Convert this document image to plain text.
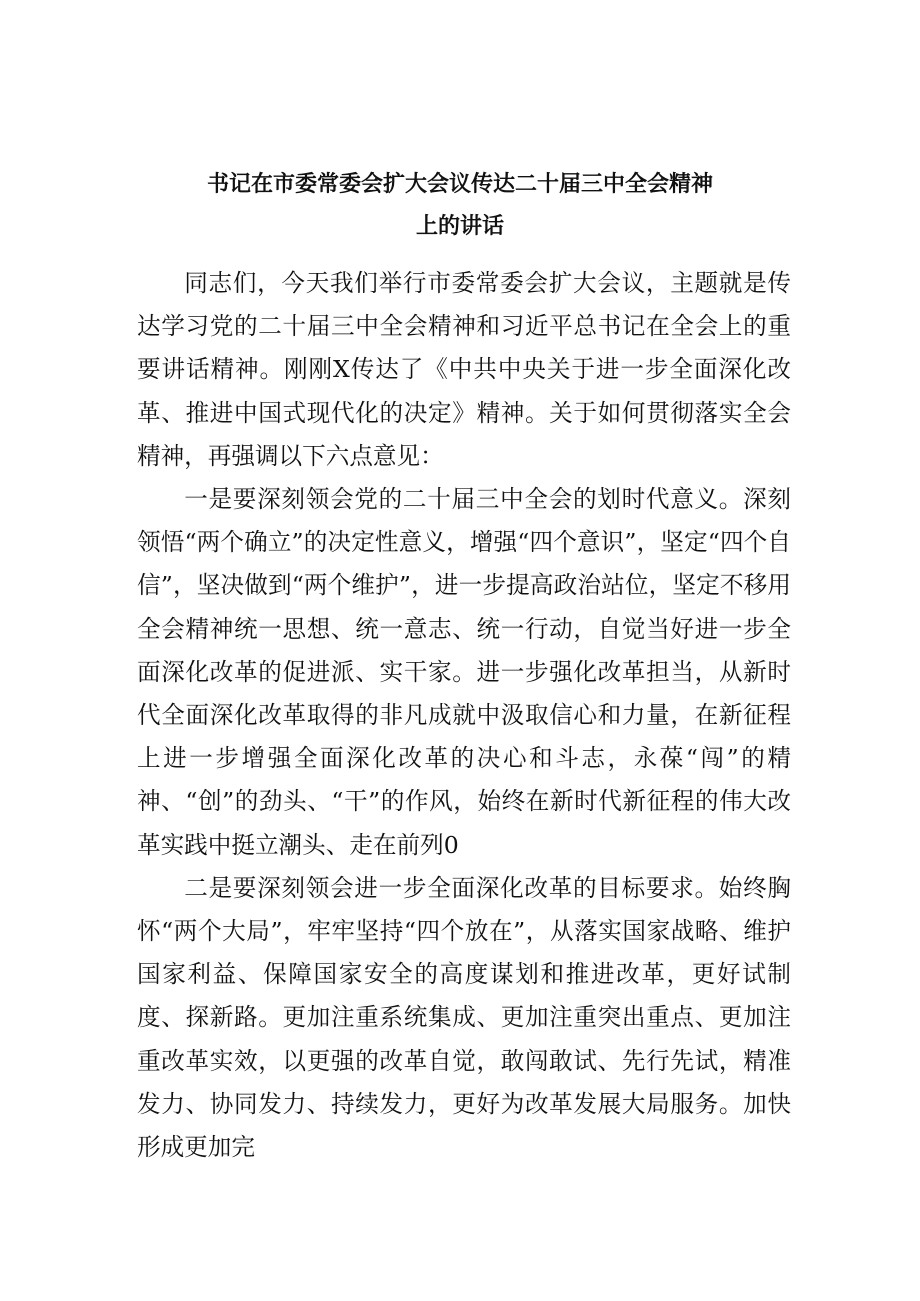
书记在市委常委会扩大会议传达二十届三中全会精神
上的讲话

同志们，今天我们举行市委常委会扩大会议，主题就是传达学习党的二十届三中全会精神和习近平总书记在全会上的重要讲话精神。刚刚X传达了《中共中央关于进一步全面深化改革、推进中国式现代化的决定》精神。关于如何贯彻落实全会精神，再强调以下六点意见：

一是要深刻领会党的二十届三中全会的划时代意义。深刻领悟“两个确立”的决定性意义，增强“四个意识”，坚定“四个自信”，坚决做到“两个维护”，进一步提高政治站位，坚定不移用全会精神统一思想、统一意志、统一行动，自觉当好进一步全面深化改革的促进派、实干家。进一步强化改革担当，从新时代全面深化改革取得的非凡成就中汲取信心和力量，在新征程上进一步增强全面深化改革的决心和斗志，永葆“闯”的精神、“创”的劲头、“干”的作风，始终在新时代新征程的伟大改革实践中挺立潮头、走在前列0

二是要深刻领会进一步全面深化改革的目标要求。始终胸怀“两个大局”，牢牢坚持“四个放在”，从落实国家战略、维护国家利益、保障国家安全的高度谋划和推进改革，更好试制度、探新路。更加注重系统集成、更加注重突出重点、更加注重改革实效，以更强的改革自觉，敢闯敢试、先行先试，精准发力、协同发力、持续发力，更好为改革发展大局服务。加快形成更加完
